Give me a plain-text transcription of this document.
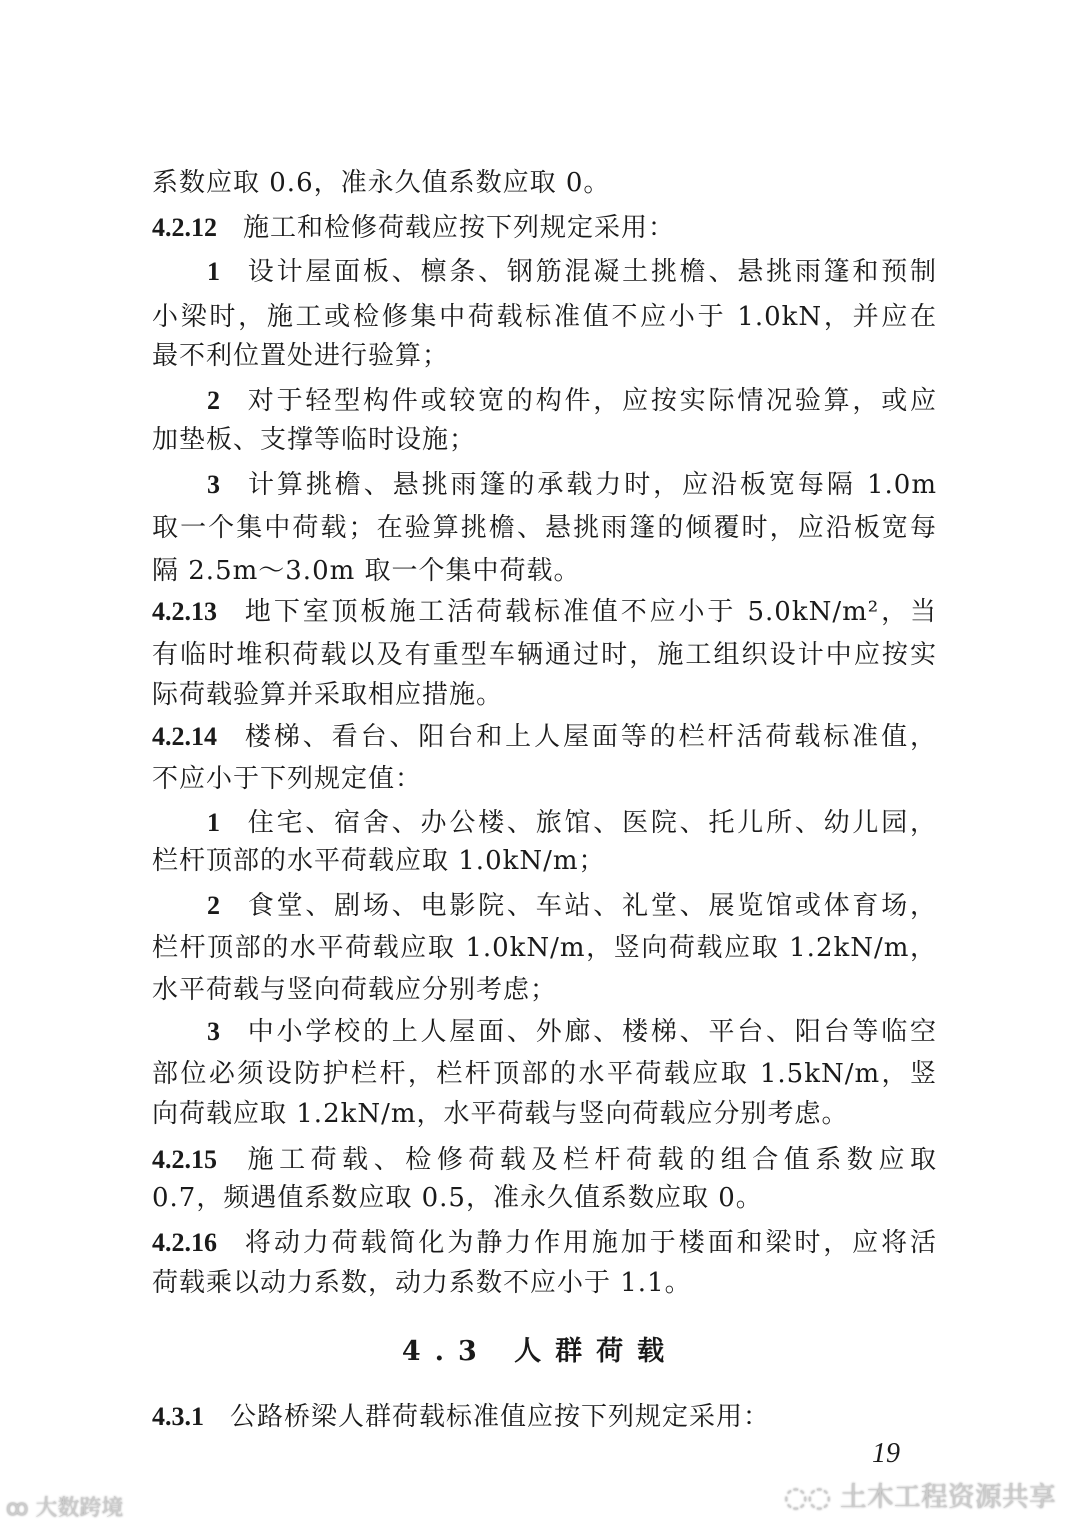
系数应取 0.6，准永久值系数应取 0。
4.2.12 施工和检修荷载应按下列规定采用：
1 设计屋面板、檩条、钢筋混凝土挑檐、悬挑雨篷和预制
小梁时，施工或检修集中荷载标准值不应小于 1.0kN，并应在
最不利位置处进行验算；
2 对于轻型构件或较宽的构件，应按实际情况验算，或应
加垫板、支撑等临时设施；
3 计算挑檐、悬挑雨篷的承载力时，应沿板宽每隔 1.0m
取一个集中荷载；在验算挑檐、悬挑雨篷的倾覆时，应沿板宽每
隔 2.5m～3.0m 取一个集中荷载。
4.2.13 地下室顶板施工活荷载标准值不应小于 5.0kN/m²，当
有临时堆积荷载以及有重型车辆通过时，施工组织设计中应按实
际荷载验算并采取相应措施。
4.2.14 楼梯、看台、阳台和上人屋面等的栏杆活荷载标准值，
不应小于下列规定值：
1 住宅、宿舍、办公楼、旅馆、医院、托儿所、幼儿园，
栏杆顶部的水平荷载应取 1.0kN/m；
2 食堂、剧场、电影院、车站、礼堂、展览馆或体育场，
栏杆顶部的水平荷载应取 1.0kN/m，竖向荷载应取 1.2kN/m，
水平荷载与竖向荷载应分别考虑；
3 中小学校的上人屋面、外廊、楼梯、平台、阳台等临空
部位必须设防护栏杆，栏杆顶部的水平荷载应取 1.5kN/m，竖
向荷载应取 1.2kN/m，水平荷载与竖向荷载应分别考虑。
4.2.15 施工荷载、检修荷载及栏杆荷载的组合值系数应取
0.7，频遇值系数应取 0.5，准永久值系数应取 0。
4.2.16 将动力荷载简化为静力作用施加于楼面和梁时，应将活
荷载乘以动力系数，动力系数不应小于 1.1。
4.3 人群荷载
4.3.1 公路桥梁人群荷载标准值应按下列规定采用：
19
◌◌ 土木工程资源共享
ꝏ 大数跨境
